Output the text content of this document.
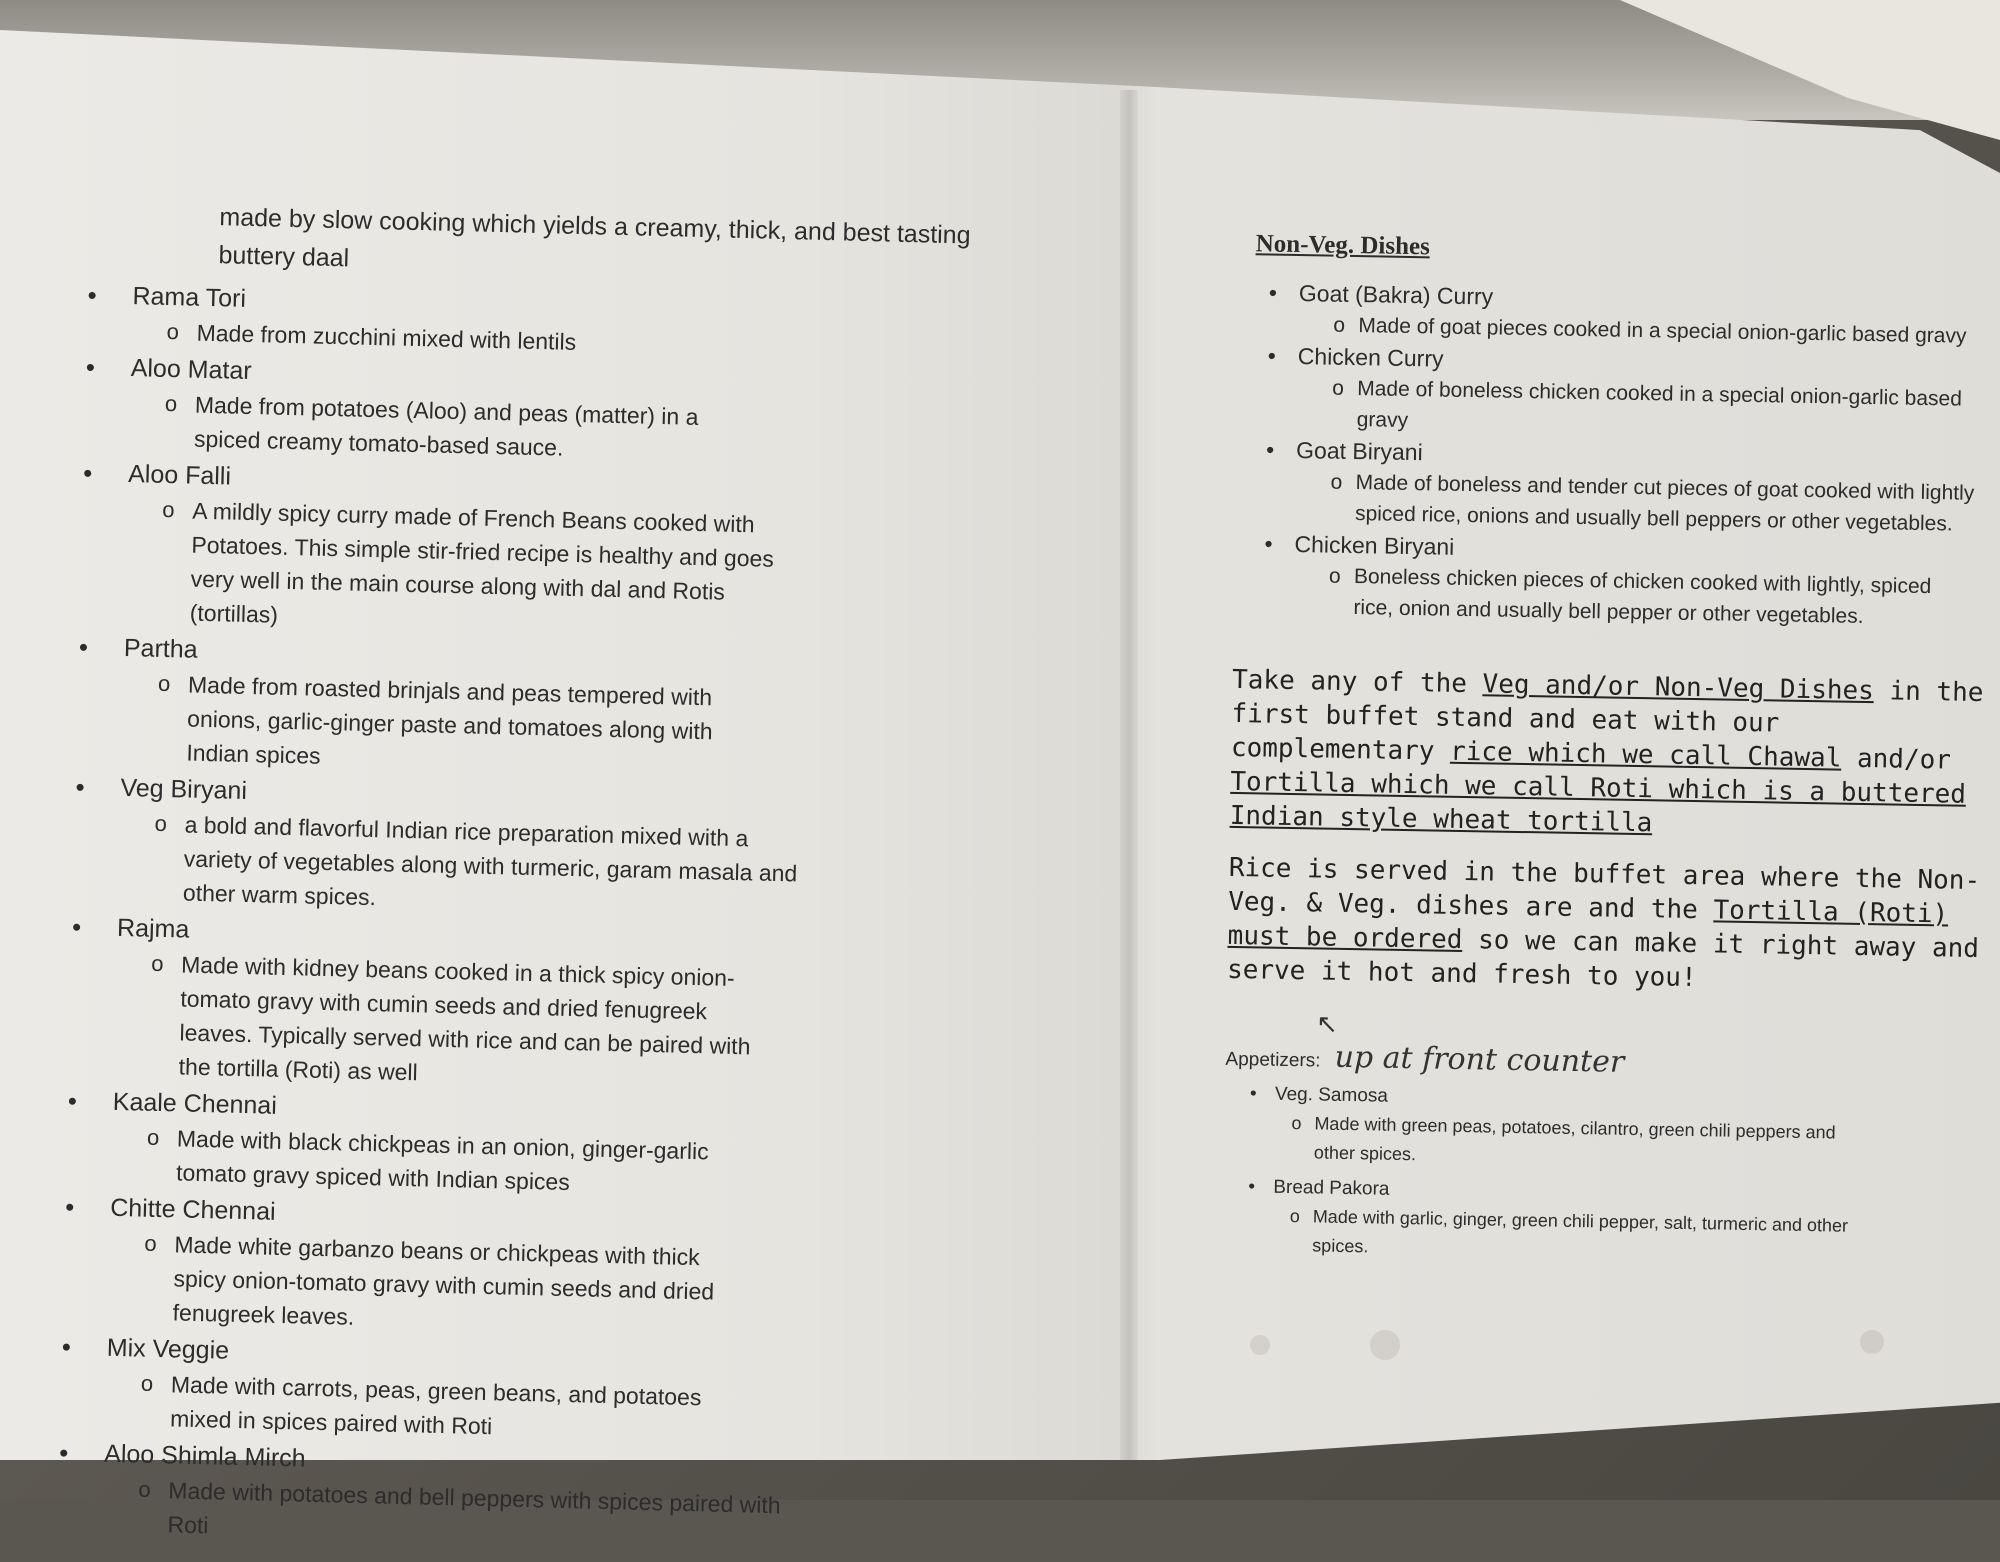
made by slow cooking which yields a creamy, thick, and best tasting buttery daal
• Rama Tori
o Made from zucchini mixed with lentils
• Aloo Matar
o Made from potatoes (Aloo) and peas (matter) in a spiced creamy tomato-based sauce.
• Aloo Falli
o A mildly spicy curry made of French Beans cooked with Potatoes. This simple stir-fried recipe is healthy and goes very well in the main course along with dal and Rotis (tortillas)
• Partha
o Made from roasted brinjals and peas tempered with onions, garlic-ginger paste and tomatoes along with Indian spices
• Veg Biryani
o a bold and flavorful Indian rice preparation mixed with a variety of vegetables along with turmeric, garam masala and other warm spices.
• Rajma
o Made with kidney beans cooked in a thick spicy onion-tomato gravy with cumin seeds and dried fenugreek leaves. Typically served with rice and can be paired with the tortilla (Roti) as well
• Kaale Chennai
o Made with black chickpeas in an onion, ginger-garlic tomato gravy spiced with Indian spices
• Chitte Chennai
o Made white garbanzo beans or chickpeas with thick spicy onion-tomato gravy with cumin seeds and dried fenugreek leaves.
• Mix Veggie
o Made with carrots, peas, green beans, and potatoes mixed in spices paired with Roti
• Aloo Shimla Mirch
o Made with potatoes and bell peppers with spices paired with Roti
Non-Veg. Dishes
• Goat (Bakra) Curry
o Made of goat pieces cooked in a special onion-garlic based gravy
• Chicken Curry
o Made of boneless chicken cooked in a special onion-garlic based gravy
• Goat Biryani
o Made of boneless and tender cut pieces of goat cooked with lightly spiced rice, onions and usually bell peppers or other vegetables.
• Chicken Biryani
o Boneless chicken pieces of chicken cooked with lightly, spiced rice, onion and usually bell pepper or other vegetables.
Take any of the Veg and/or Non-Veg Dishes in the first buffet stand and eat with our complementary rice which we call Chawal and/or Tortilla which we call Roti which is a buttered Indian style wheat tortilla
Rice is served in the buffet area where the Non-Veg. & Veg. dishes are and the Tortilla (Roti) must be ordered so we can make it right away and serve it hot and fresh to you!
↖
Appetizers: up at front counter
• Veg. Samosa
o Made with green peas, potatoes, cilantro, green chili peppers and other spices.
• Bread Pakora
o Made with garlic, ginger, green chili pepper, salt, turmeric and other spices.
